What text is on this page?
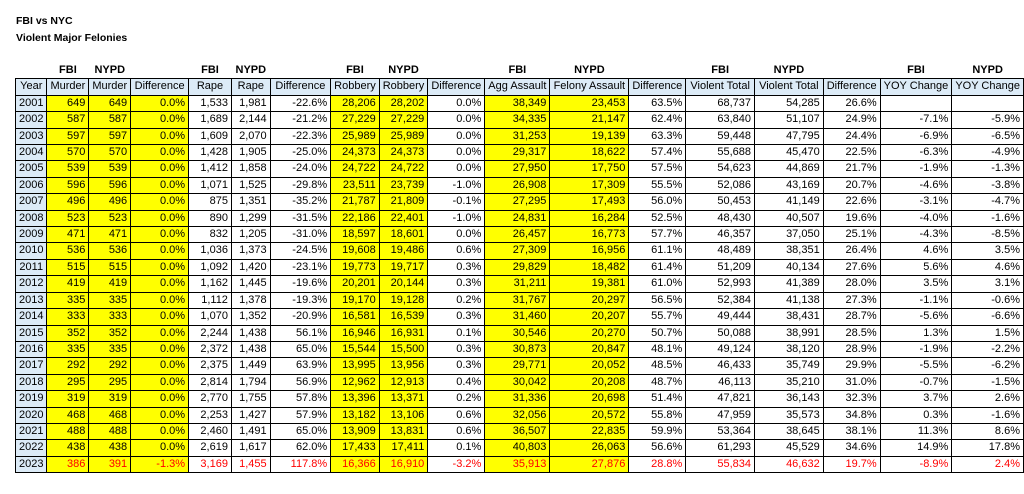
FBI vs NYC
Violent Major Felonies
	FBI	NYPD		FBI	NYPD		FBI	NYPD		FBI	NYPD		FBI	NYPD		FBI	NYPD
Year	Murder	Murder	Difference	Rape	Rape	Difference	Robbery	Robbery	Difference	Agg Assault	Felony Assault	Difference	Violent Total	Violent Total	Difference	YOY Change	YOY Change
2001	649	649	0.0%	1,533	1,981	-22.6%	28,206	28,202	0.0%	38,349	23,453	63.5%	68,737	54,285	26.6%		
2002	587	587	0.0%	1,689	2,144	-21.2%	27,229	27,229	0.0%	34,335	21,147	62.4%	63,840	51,107	24.9%	-7.1%	-5.9%
2003	597	597	0.0%	1,609	2,070	-22.3%	25,989	25,989	0.0%	31,253	19,139	63.3%	59,448	47,795	24.4%	-6.9%	-6.5%
2004	570	570	0.0%	1,428	1,905	-25.0%	24,373	24,373	0.0%	29,317	18,622	57.4%	55,688	45,470	22.5%	-6.3%	-4.9%
2005	539	539	0.0%	1,412	1,858	-24.0%	24,722	24,722	0.0%	27,950	17,750	57.5%	54,623	44,869	21.7%	-1.9%	-1.3%
2006	596	596	0.0%	1,071	1,525	-29.8%	23,511	23,739	-1.0%	26,908	17,309	55.5%	52,086	43,169	20.7%	-4.6%	-3.8%
2007	496	496	0.0%	875	1,351	-35.2%	21,787	21,809	-0.1%	27,295	17,493	56.0%	50,453	41,149	22.6%	-3.1%	-4.7%
2008	523	523	0.0%	890	1,299	-31.5%	22,186	22,401	-1.0%	24,831	16,284	52.5%	48,430	40,507	19.6%	-4.0%	-1.6%
2009	471	471	0.0%	832	1,205	-31.0%	18,597	18,601	0.0%	26,457	16,773	57.7%	46,357	37,050	25.1%	-4.3%	-8.5%
2010	536	536	0.0%	1,036	1,373	-24.5%	19,608	19,486	0.6%	27,309	16,956	61.1%	48,489	38,351	26.4%	4.6%	3.5%
2011	515	515	0.0%	1,092	1,420	-23.1%	19,773	19,717	0.3%	29,829	18,482	61.4%	51,209	40,134	27.6%	5.6%	4.6%
2012	419	419	0.0%	1,162	1,445	-19.6%	20,201	20,144	0.3%	31,211	19,381	61.0%	52,993	41,389	28.0%	3.5%	3.1%
2013	335	335	0.0%	1,112	1,378	-19.3%	19,170	19,128	0.2%	31,767	20,297	56.5%	52,384	41,138	27.3%	-1.1%	-0.6%
2014	333	333	0.0%	1,070	1,352	-20.9%	16,581	16,539	0.3%	31,460	20,207	55.7%	49,444	38,431	28.7%	-5.6%	-6.6%
2015	352	352	0.0%	2,244	1,438	56.1%	16,946	16,931	0.1%	30,546	20,270	50.7%	50,088	38,991	28.5%	1.3%	1.5%
2016	335	335	0.0%	2,372	1,438	65.0%	15,544	15,500	0.3%	30,873	20,847	48.1%	49,124	38,120	28.9%	-1.9%	-2.2%
2017	292	292	0.0%	2,375	1,449	63.9%	13,995	13,956	0.3%	29,771	20,052	48.5%	46,433	35,749	29.9%	-5.5%	-6.2%
2018	295	295	0.0%	2,814	1,794	56.9%	12,962	12,913	0.4%	30,042	20,208	48.7%	46,113	35,210	31.0%	-0.7%	-1.5%
2019	319	319	0.0%	2,770	1,755	57.8%	13,396	13,371	0.2%	31,336	20,698	51.4%	47,821	36,143	32.3%	3.7%	2.6%
2020	468	468	0.0%	2,253	1,427	57.9%	13,182	13,106	0.6%	32,056	20,572	55.8%	47,959	35,573	34.8%	0.3%	-1.6%
2021	488	488	0.0%	2,460	1,491	65.0%	13,909	13,831	0.6%	36,507	22,835	59.9%	53,364	38,645	38.1%	11.3%	8.6%
2022	438	438	0.0%	2,619	1,617	62.0%	17,433	17,411	0.1%	40,803	26,063	56.6%	61,293	45,529	34.6%	14.9%	17.8%
2023	386	391	-1.3%	3,169	1,455	117.8%	16,366	16,910	-3.2%	35,913	27,876	28.8%	55,834	46,632	19.7%	-8.9%	2.4%
